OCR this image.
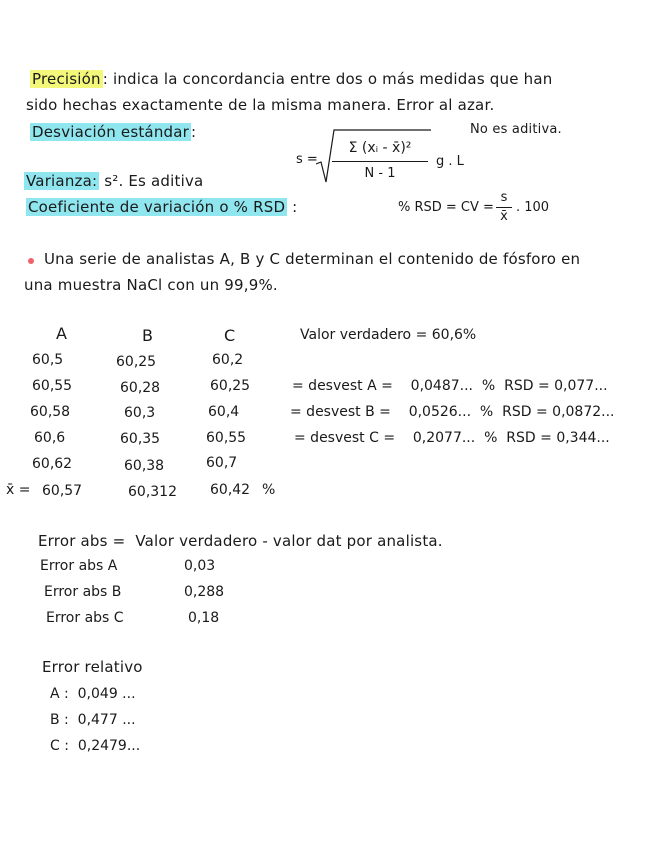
Precisión : indica la concordancia entre dos o más medidas que han
sido hechas exactamente de la misma manera. Error al azar.
Desviación estándar :
s =
Σ (xᵢ - x̄)²
N - 1
g . L
No es aditiva.
Varianza: s². Es aditiva
Coeficiente de variación o % RSD :	% RSD = CV =
s
x̄
. 100
Una serie de analistas A, B y C determinan el contenido de fósforo en
una muestra NaCl con un 99,9%.
A	B	C	Valor verdadero = 60,6%
60,5	60,25	60,2
60,55	60,28	60,25
60,58	60,3	60,4
60,6	60,35	60,55
60,62	60,38	60,7
x̄ = 60,57	60,312 60,42 %
= desvest A =    0,0487...  %  RSD = 0,077...
= desvest B =    0,0526...  %  RSD = 0,0872...
= desvest C =    0,2077...  %  RSD = 0,344...
Error abs =  Valor verdadero - valor dat por analista.
Error abs A	0,03
Error abs B	0,288
Error abs C	0,18
Error relativo
A :  0,049 ...
B :  0,477 ...
C :  0,2479...
